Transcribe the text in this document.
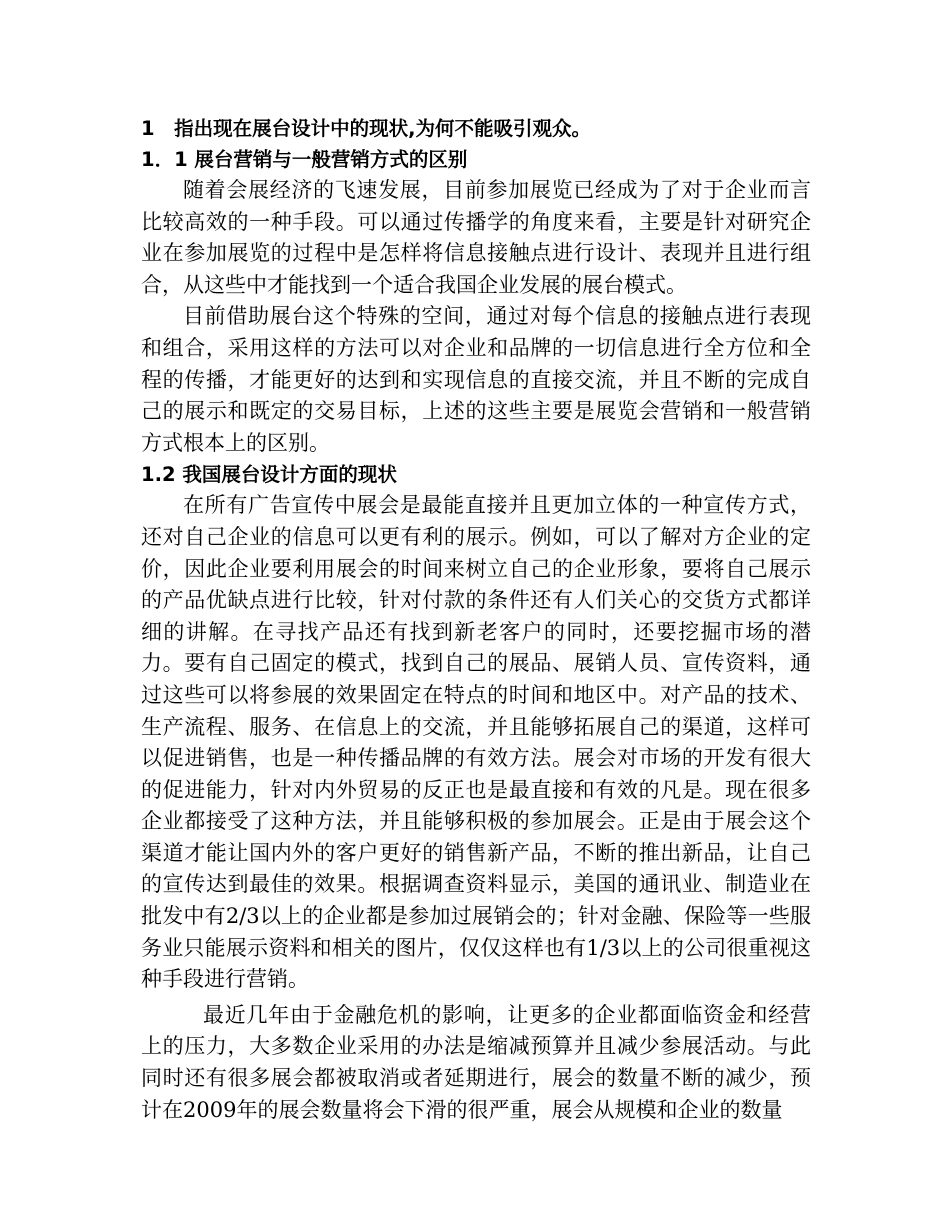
1　指出现在展台设计中的现状,为何不能吸引观众。

1．1 展台营销与一般营销方式的区别

随着会展经济的飞速发展，目前参加展览已经成为了对于企业而言比较高效的一种手段。可以通过传播学的角度来看，主要是针对研究企业在参加展览的过程中是怎样将信息接触点进行设计、表现并且进行组合，从这些中才能找到一个适合我国企业发展的展台模式。

目前借助展台这个特殊的空间，通过对每个信息的接触点进行表现和组合，采用这样的方法可以对企业和品牌的一切信息进行全方位和全程的传播，才能更好的达到和实现信息的直接交流，并且不断的完成自己的展示和既定的交易目标，上述的这些主要是展览会营销和一般营销方式根本上的区别。

1.2 我国展台设计方面的现状

在所有广告宣传中展会是最能直接并且更加立体的一种宣传方式，还对自己企业的信息可以更有利的展示。例如，可以了解对方企业的定价，因此企业要利用展会的时间来树立自己的企业形象，要将自己展示的产品优缺点进行比较，针对付款的条件还有人们关心的交货方式都详细的讲解。在寻找产品还有找到新老客户的同时，还要挖掘市场的潜力。要有自己固定的模式，找到自己的展品、展销人员、宣传资料，通过这些可以将参展的效果固定在特点的时间和地区中。对产品的技术、生产流程、服务、在信息上的交流，并且能够拓展自己的渠道，这样可以促进销售，也是一种传播品牌的有效方法。展会对市场的开发有很大的促进能力，针对内外贸易的反正也是最直接和有效的凡是。现在很多企业都接受了这种方法，并且能够积极的参加展会。正是由于展会这个渠道才能让国内外的客户更好的销售新产品，不断的推出新品，让自己的宣传达到最佳的效果。根据调查资料显示，美国的通讯业、制造业在批发中有2/3以上的企业都是参加过展销会的；针对金融、保险等一些服务业只能展示资料和相关的图片，仅仅这样也有1/3以上的公司很重视这种手段进行营销。

最近几年由于金融危机的影响，让更多的企业都面临资金和经营上的压力，大多数企业采用的办法是缩减预算并且减少参展活动。与此同时还有很多展会都被取消或者延期进行，展会的数量不断的减少，预计在2009年的展会数量将会下滑的很严重，展会从规模和企业的数量
